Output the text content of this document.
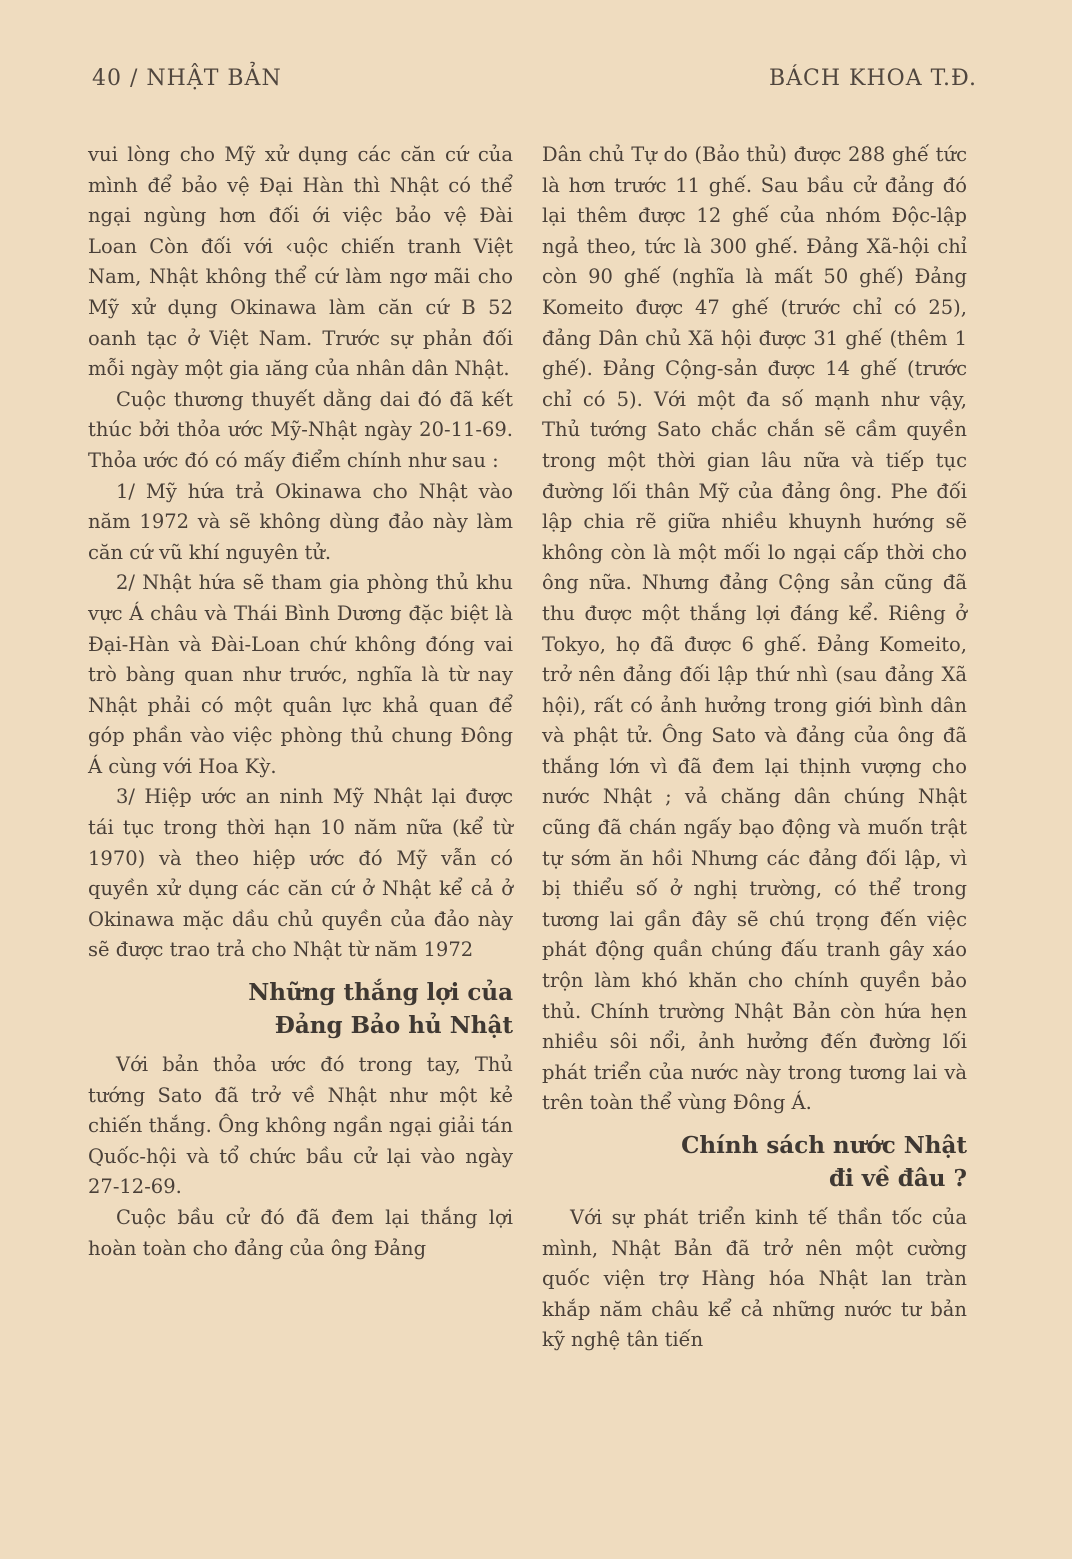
40 / NHẬT BẢN	BÁCH KHOA T.Đ.

vui lòng cho Mỹ xử dụng các căn cứ của mình để bảo vệ Đại Hàn thì Nhật có thể ngại ngùng hơn đối ới việc bảo vệ Đài Loan Còn đối với ‹uộc chiến tranh Việt Nam, Nhật không thể cứ làm ngơ mãi cho Mỹ xử dụng Okinawa làm căn cứ B 52 oanh tạc ở Việt Nam. Trước sự phản đối mỗi ngày một gia ıăng của nhân dân Nhật.

Cuộc thương thuyết dằng dai đó đã kết thúc bởi thỏa ước Mỹ-Nhật ngày 20-11-69. Thỏa ước đó có mấy điểm chính như sau :

1/ Mỹ hứa trả Okinawa cho Nhật vào năm 1972 và sẽ không dùng đảo này làm căn cứ vũ khí nguyên tử.

2/ Nhật hứa sẽ tham gia phòng thủ khu vực Á châu và Thái Bình Dương đặc biệt là Đại-Hàn và Đài-Loan chứ không đóng vai trò bàng quan như trước, nghĩa là từ nay Nhật phải có một quân lực khả quan để góp phần vào việc phòng thủ chung Đông Á cùng với Hoa Kỳ.

3/ Hiệp ước an ninh Mỹ Nhật lại được tái tục trong thời hạn 10 năm nữa (kể từ 1970) và theo hiệp ước đó Mỹ vẫn có quyền xử dụng các căn cứ ở Nhật kể cả ở Okinawa mặc dầu chủ quyền của đảo này sẽ được trao trả cho Nhật từ năm 1972

Những thắng lợi của
Đảng Bảo hủ Nhật

Với bản thỏa ước đó trong tay, Thủ tướng Sato đã trở về Nhật như một kẻ chiến thắng. Ông không ngần ngại giải tán Quốc-hội và tổ chức bầu cử lại vào ngày 27-12-69.

Cuộc bầu cử đó đã đem lại thắng lợi hoàn toàn cho đảng của ông Đảng

Dân chủ Tự do (Bảo thủ) được 288 ghế tức là hơn trước 11 ghế. Sau bầu cử đảng đó lại thêm được 12 ghế của nhóm Độc-lập ngả theo, tức là 300 ghế. Đảng Xã-hội chỉ còn 90 ghế (nghĩa là mất 50 ghế) Đảng Komeito được 47 ghế (trước chỉ có 25), đảng Dân chủ Xã hội được 31 ghế (thêm 1 ghế). Đảng Cộng-sản được 14 ghế (trước chỉ có 5). Với một đa số mạnh như vậy, Thủ tướng Sato chắc chắn sẽ cầm quyền trong một thời gian lâu nữa và tiếp tục đường lối thân Mỹ của đảng ông. Phe đối lập chia rẽ giữa nhiều khuynh hướng sẽ không còn là một mối lo ngại cấp thời cho ông nữa. Nhưng đảng Cộng sản cũng đã thu được một thắng lợi đáng kể. Riêng ở Tokyo, họ đã được 6 ghế. Đảng Komeito, trở nên đảng đối lập thứ nhì (sau đảng Xã hội), rất có ảnh hưởng trong giới bình dân và phật tử. Ông Sato và đảng của ông đã thắng lớn vì đã đem lại thịnh vượng cho nước Nhật ; vả chăng dân chúng Nhật cũng đã chán ngấy bạo động và muốn trật tự sớm ăn hồi Nhưng các đảng đối lập, vì bị thiểu số ở nghị trường, có thể trong tương lai gần đây sẽ chú trọng đến việc phát động quần chúng đấu tranh gây xáo trộn làm khó khăn cho chính quyền bảo thủ. Chính trường Nhật Bản còn hứa hẹn nhiều sôi nổi, ảnh hưởng đến đường lối phát triển của nước này trong tương lai và trên toàn thể vùng Đông Á.

Chính sách nước Nhật
đi về đâu ?

Với sự phát triển kinh tế thần tốc của mình, Nhật Bản đã trở nên một cường quốc viện trợ Hàng hóa Nhật lan tràn khắp năm châu kể cả những nước tư bản kỹ nghệ tân tiến
